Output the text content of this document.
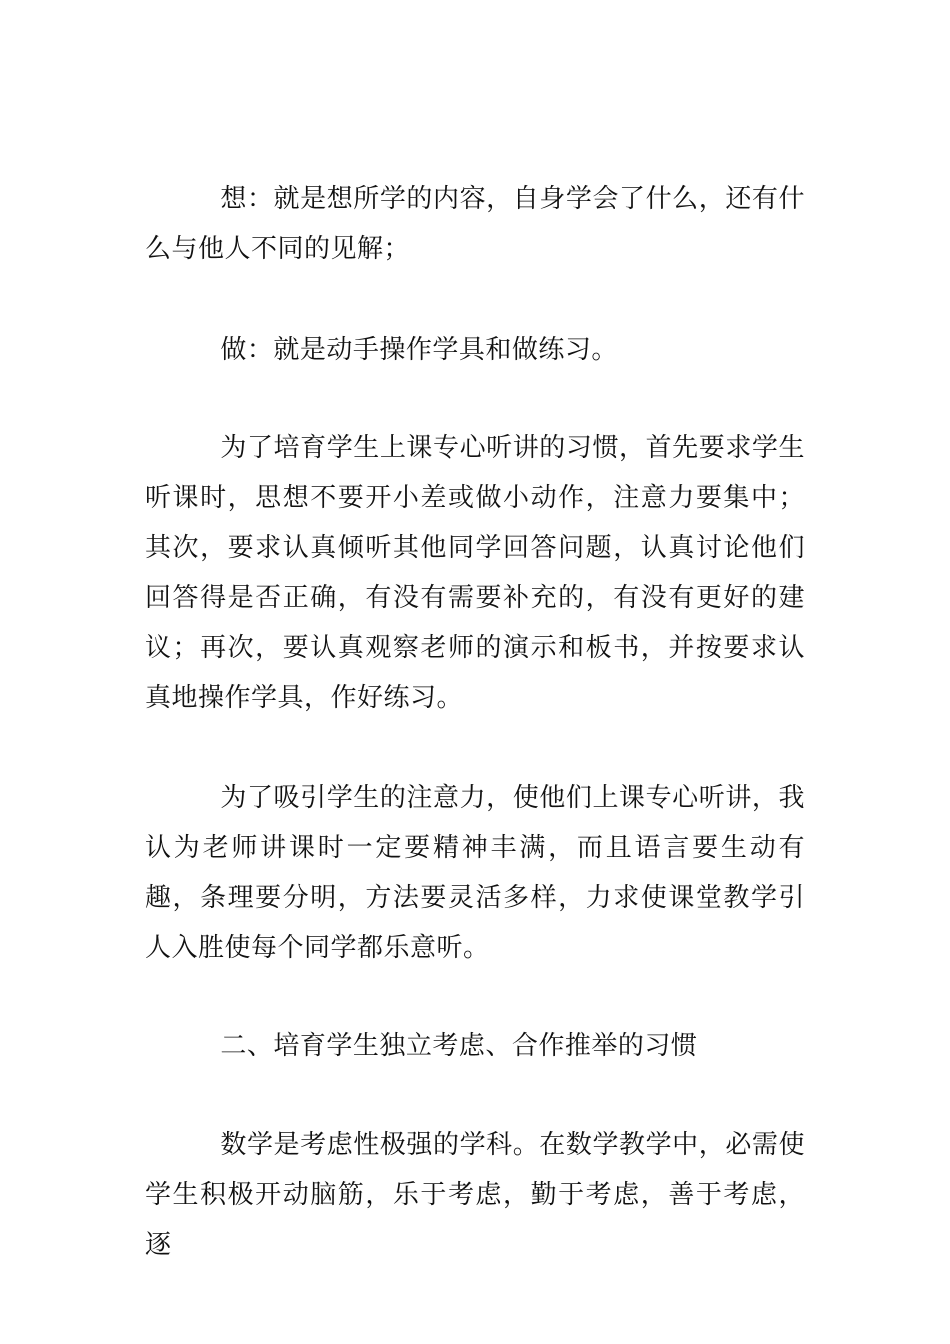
想：就是想所学的内容，自身学会了什么，还有什么与他人不同的见解；

做：就是动手操作学具和做练习。

为了培育学生上课专心听讲的习惯，首先要求学生听课时，思想不要开小差或做小动作，注意力要集中；其次，要求认真倾听其他同学回答问题，认真讨论他们回答得是否正确，有没有需要补充的，有没有更好的建议；再次，要认真观察老师的演示和板书，并按要求认真地操作学具，作好练习。

为了吸引学生的注意力，使他们上课专心听讲，我认为老师讲课时一定要精神丰满，而且语言要生动有趣，条理要分明，方法要灵活多样，力求使课堂教学引人入胜使每个同学都乐意听。

二、培育学生独立考虑、合作推举的习惯

数学是考虑性极强的学科。在数学教学中，必需使学生积极开动脑筋，乐于考虑，勤于考虑，善于考虑，逐
